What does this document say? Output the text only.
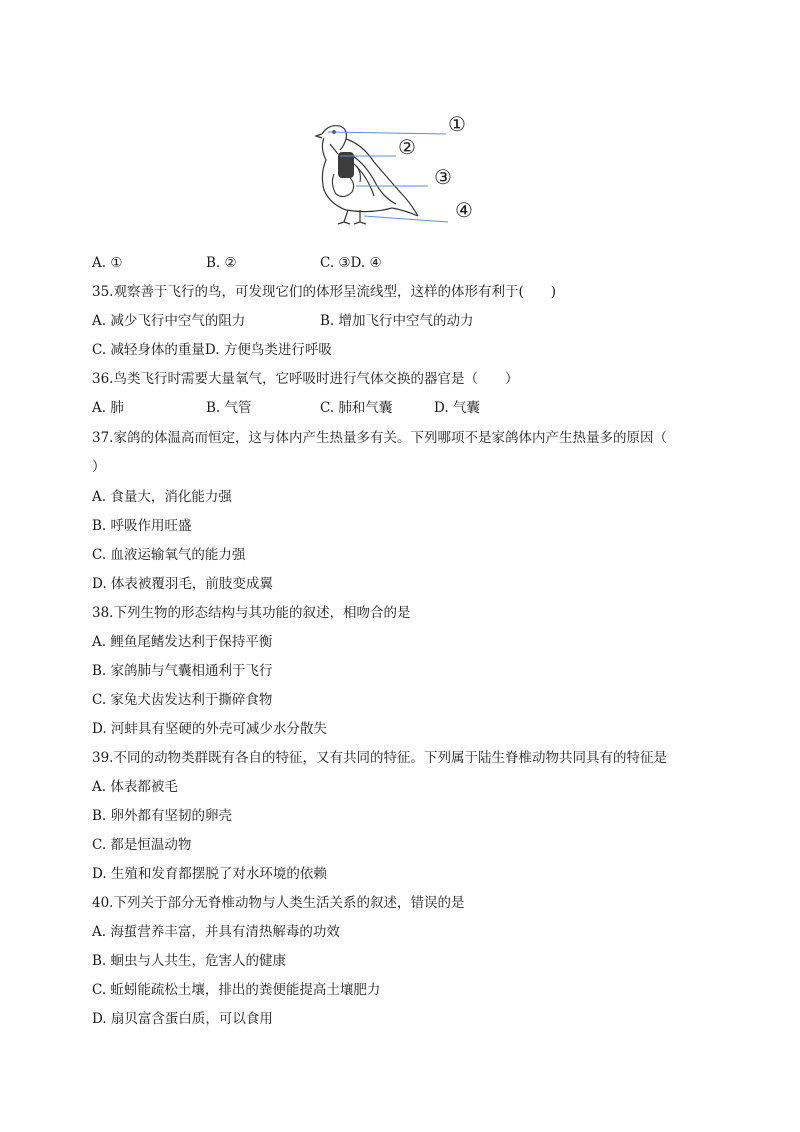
①
②
③
④
A. ①	B. ②	C. ③D. ④
35.观察善于飞行的鸟，可发现它们的体形呈流线型，这样的体形有利于(　　)
A. 减少飞行中空气的阻力	B. 增加飞行中空气的动力
C. 减轻身体的重量D. 方便鸟类进行呼吸
36.鸟类飞行时需要大量氧气，它呼吸时进行气体交换的器官是（　　）
A. 肺	B. 气管	C. 肺和气囊	D. 气囊
37.家鸽的体温高而恒定，这与体内产生热量多有关。下列哪项不是家鸽体内产生热量多的原因（
）
A. 食量大，消化能力强
B. 呼吸作用旺盛
C. 血液运输氧气的能力强
D. 体表被覆羽毛，前肢变成翼
38.下列生物的形态结构与其功能的叙述，相吻合的是
A. 鲤鱼尾鳍发达利于保持平衡
B. 家鸽肺与气囊相通利于飞行
C. 家兔犬齿发达利于撕碎食物
D. 河蚌具有坚硬的外壳可减少水分散失
39.不同的动物类群既有各自的特征，又有共同的特征。下列属于陆生脊椎动物共同具有的特征是
A. 体表都被毛
B. 卵外都有坚韧的卵壳
C. 都是恒温动物
D. 生殖和发育都摆脱了对水环境的依赖
40.下列关于部分无脊椎动物与人类生活关系的叙述，错误的是
A. 海蜇营养丰富，并具有清热解毒的功效
B. 蛔虫与人共生，危害人的健康
C. 蚯蚓能疏松土壤，排出的粪便能提高土壤肥力
D. 扇贝富含蛋白质，可以食用
